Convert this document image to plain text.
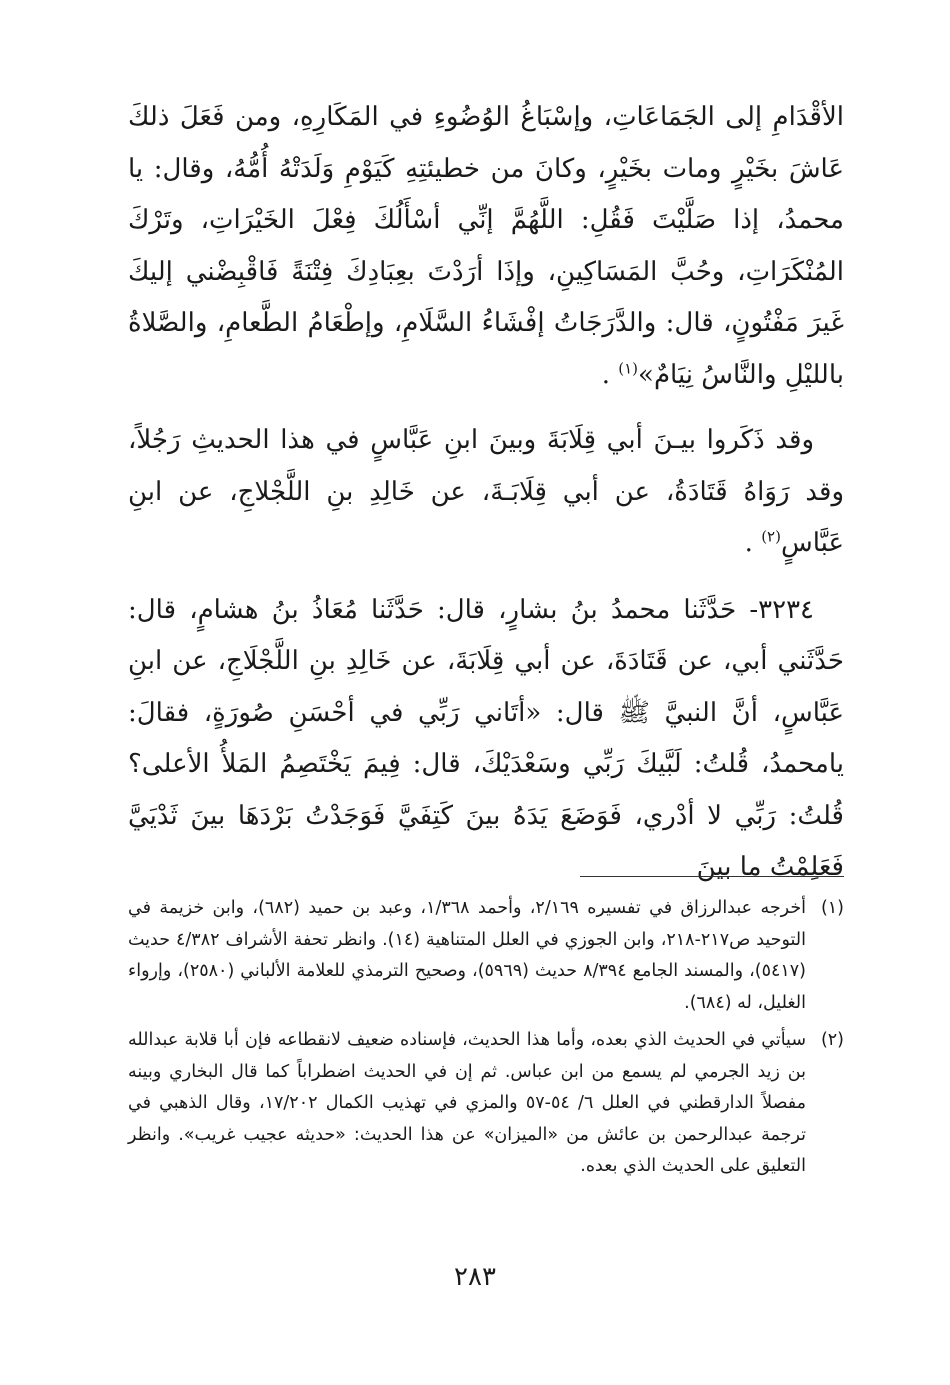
الأقْدَامِ إلى الجَمَاعَاتِ، وإسْبَاغُ الوُضُوءِ في المَكَارِهِ، ومن فَعَلَ ذلكَ عَاشَ بخَيْرٍ ومات بخَيْرٍ، وكانَ من خطيئتِهِ كَيَوْمِ وَلَدَتْهُ أُمُّهُ، وقال: يا محمدُ، إذا صَلَّيْتَ فَقُلِ: اللَّهُمَّ إنِّي أسْأَلُكَ فِعْلَ الخَيْرَاتِ، وتَرْكَ المُنْكَرَاتِ، وحُبَّ المَسَاكِينِ، وإذَا أرَدْتَ بعِبَادِكَ فِتْنَةً فَاقْبِضْني إليكَ غَيرَ مَفْتُونٍ، قال: والدَّرَجَاتُ إفْشَاءُ السَّلَامِ، وإطْعَامُ الطَّعامِ، والصَّلاةُ بالليْلِ والنَّاسُ نِيَامٌ»$^{(١)}$ .

وقد ذَكَروا بيـنَ أبي قِلَابَةَ وبينَ ابنِ عَبَّاسٍ في هذا الحديثِ رَجُلاً، وقد رَوَاهُ قَتَادَةُ، عن أبي قِلَابَـةَ، عن خَالِدِ بنِ اللَّجْلاجِ، عن ابنِ عَبَّاسٍ$^{(٢)}$ .

٣٢٣٤- حَدَّثَنا محمدُ بنُ بشارٍ، قال: حَدَّثَنا مُعَاذُ بنُ هشامٍ، قال: حَدَّثَني أبي، عن قَتَادَةَ، عن أبي قِلَابَةَ، عن خَالِدِ بنِ اللَّجْلَاجِ، عن ابنِ عَبَّاسٍ، أنَّ النبيَّ ﷺ قال: «أتَاني رَبِّي في أحْسَنِ صُورَةٍ، فقالَ: يامحمدُ، قُلتُ: لَبَّيكَ رَبِّي وسَعْدَيْكَ، قال: فِيمَ يَخْتَصِمُ المَلأُ الأعلى؟ قُلتُ: رَبِّي لا أدْري، فَوَضَعَ يَدَهُ بينَ كَتِفَيَّ فَوَجَدْتُ بَرْدَهَا بينَ ثَدْيَيَّ فَعَلِمْتُ ما بينَ

(١)
أخرجه عبدالرزاق في تفسيره ٢/١٦٩، وأحمد ١/٣٦٨، وعبد بن حميد (٦٨٢)، وابن خزيمة في التوحيد ص٢١٧-٢١٨، وابن الجوزي في العلل المتناهية (١٤). وانظر تحفة الأشراف ٤/٣٨٢ حديث (٥٤١٧)، والمسند الجامع ٨/٣٩٤ حديث (٥٩٦٩)، وصحيح الترمذي للعلامة الألباني (٢٥٨٠)، وإرواء الغليل، له (٦٨٤).
(٢)
سيأتي في الحديث الذي بعده، وأما هذا الحديث، فإسناده ضعيف لانقطاعه فإن أبا قلابة عبدالله بن زيد الجرمي لم يسمع من ابن عباس. ثم إن في الحديث اضطراباً كما قال البخاري وبينه مفصلاً الدارقطني في العلل ٦/ ٥٤-٥٧ والمزي في تهذيب الكمال ١٧/٢٠٢، وقال الذهبي في ترجمة عبدالرحمن بن عائش من «الميزان» عن هذا الحديث: «حديثه عجيب غريب». وانظر التعليق على الحديث الذي بعده.
٢٨٣
